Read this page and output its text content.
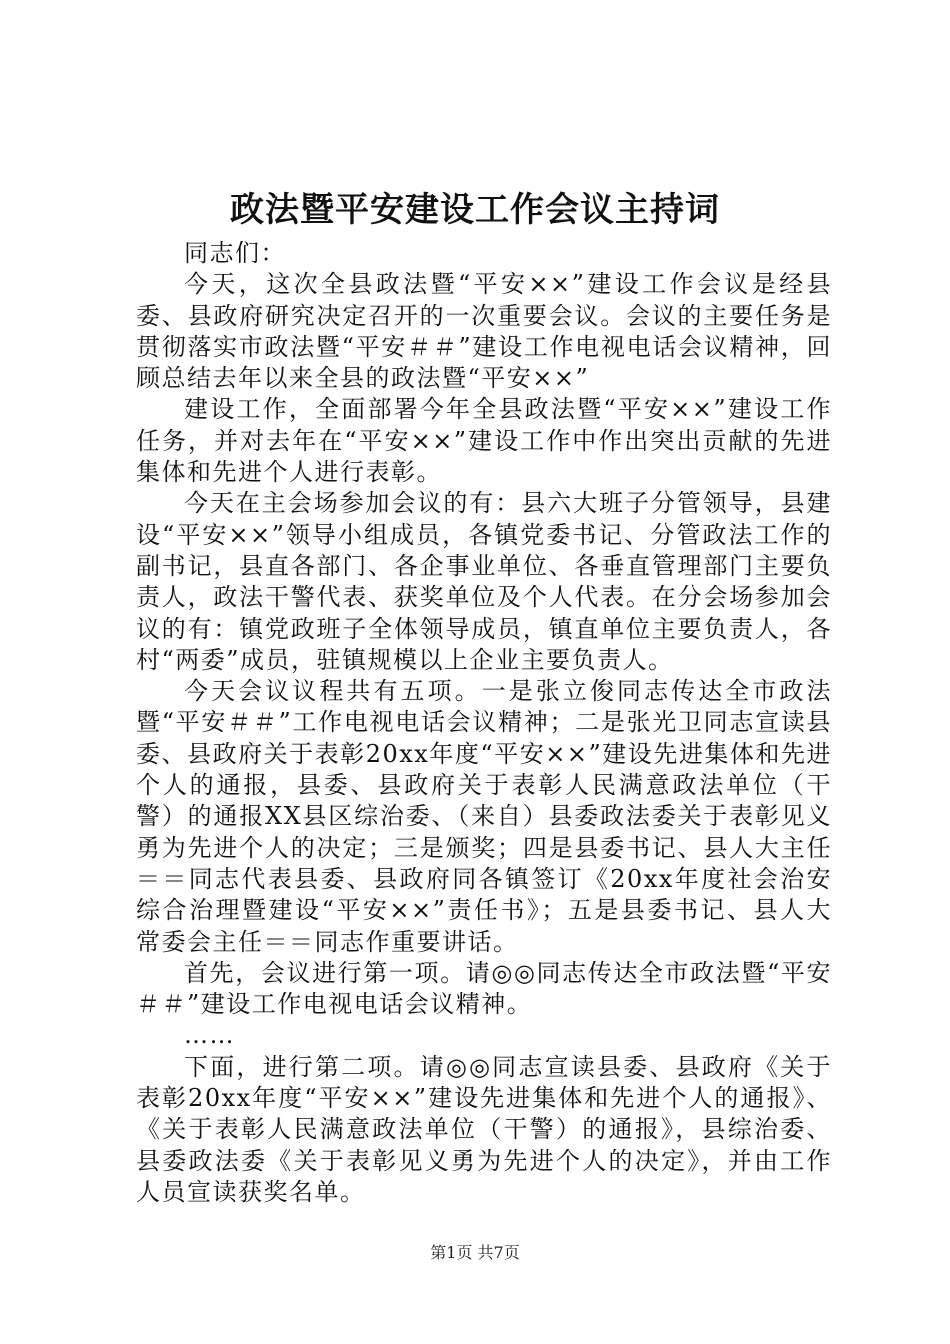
政法暨平安建设工作会议主持词

同志们：

今天，这次全县政法暨“平安××”建设工作会议是经县委、县政府研究决定召开的一次重要会议。会议的主要任务是贯彻落实市政法暨“平安＃＃”建设工作电视电话会议精神，回顾总结去年以来全县的政法暨“平安××”

建设工作，全面部署今年全县政法暨“平安××”建设工作任务，并对去年在“平安××”建设工作中作出突出贡献的先进集体和先进个人进行表彰。

今天在主会场参加会议的有：县六大班子分管领导，县建设“平安××”领导小组成员，各镇党委书记、分管政法工作的副书记，县直各部门、各企事业单位、各垂直管理部门主要负责人，政法干警代表、获奖单位及个人代表。在分会场参加会议的有：镇党政班子全体领导成员，镇直单位主要负责人，各村“两委”成员，驻镇规模以上企业主要负责人。

今天会议议程共有五项。一是张立俊同志传达全市政法暨“平安＃＃”工作电视电话会议精神；二是张光卫同志宣读县委、县政府关于表彰20xx年度“平安××”建设先进集体和先进个人的通报，县委、县政府关于表彰人民满意政法单位（干警）的通报XX县区综治委、（来自）县委政法委关于表彰见义勇为先进个人的决定；三是颁奖；四是县委书记、县人大主任＝＝同志代表县委、县政府同各镇签订《20xx年度社会治安综合治理暨建设“平安××”责任书》；五是县委书记、县人大常委会主任＝＝同志作重要讲话。

首先，会议进行第一项。请◎◎同志传达全市政法暨“平安＃＃”建设工作电视电话会议精神。

……

下面，进行第二项。请◎◎同志宣读县委、县政府《关于表彰20xx年度“平安××”建设先进集体和先进个人的通报》、《关于表彰人民满意政法单位（干警）的通报》，县综治委、县委政法委《关于表彰见义勇为先进个人的决定》，并由工作人员宣读获奖名单。

第1页 共7页
